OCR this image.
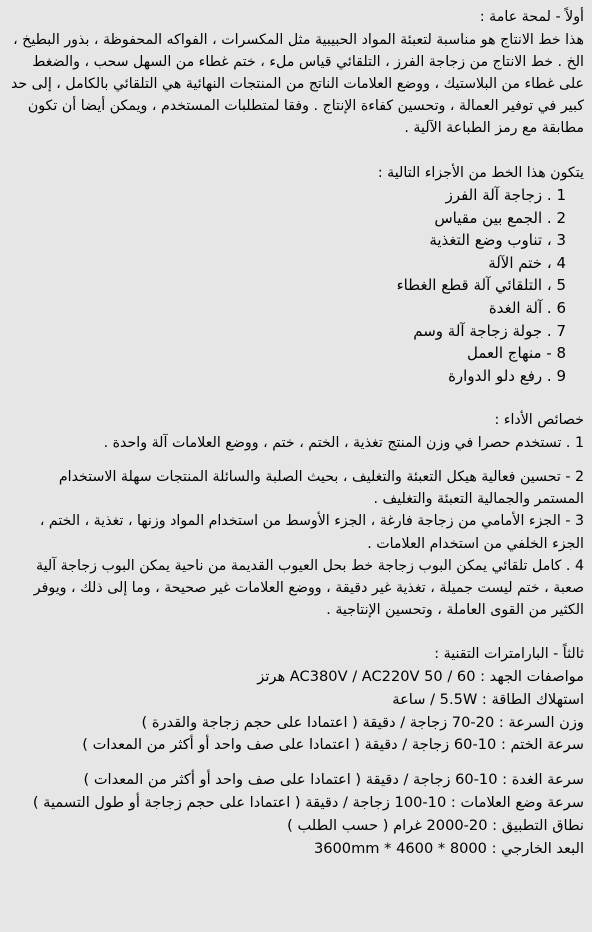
أولاً - لمحة عامة :
هذا خط الانتاج هو مناسبة لتعبئة المواد الحبيبية مثل المكسرات ، الفواكه المحفوظة ، بذور البطيخ ، الخ . خط الانتاج من زجاجة الفرز ، التلقائي قياس ملء ، ختم غطاء من السهل سحب ، والضغط على غطاء من البلاستيك ، ووضع العلامات الناتج من المنتجات النهائية هي التلقائي بالكامل ، إلى حد كبير في توفير العمالة ، وتحسين كفاءة الإنتاج . وفقا لمتطلبات المستخدم ، ويمكن أيضا أن تكون مطابقة مع رمز الطباعة الآلية .
يتكون هذا الخط من الأجزاء التالية :
1 . زجاجة آلة الفرز
2 . الجمع بين مقياس
3 ، تناوب وضع التغذية
4 ، ختم الآلة
5 ، التلقائي آلة قطع الغطاء
6 . آلة الغدة
7 . جولة زجاجة آلة وسم
8 - منهاج العمل
9 . رفع دلو الدوارة
خصائص الأداء :
1 . تستخدم حصرا في وزن المنتج تغذية ، الختم ، ختم ، ووضع العلامات آلة واحدة .
2 - تحسين فعالية هيكل التعبئة والتغليف ، بحيث الصلبة والسائلة المنتجات سهلة الاستخدام المستمر والجمالية التعبئة والتغليف .
3 - الجزء الأمامي من زجاجة فارغة ، الجزء الأوسط من استخدام المواد وزنها ، تغذية ، الختم ، الجزء الخلفي من استخدام العلامات .
4 . كامل تلقائي يمكن البوب زجاجة خط بحل العيوب القديمة من ناحية يمكن البوب زجاجة آلية صعبة ، ختم ليست جميلة ، تغذية غير دقيقة ، ووضع العلامات غير صحيحة ، وما إلى ذلك ، ويوفر الكثير من القوى العاملة ، وتحسين الإنتاجية .
ثالثاً - البارامترات التقنية :
مواصفات الجهد : AC380V / AC220V 50 / 60 هرتز
استهلاك الطاقة : 5.5W / ساعة
وزن السرعة : 20-70 زجاجة / دقيقة ( اعتمادا على حجم زجاجة والقدرة )
سرعة الختم : 10-60 زجاجة / دقيقة ( اعتمادا على صف واحد أو أكثر من المعدات )
سرعة الغدة : 10-60 زجاجة / دقيقة ( اعتمادا على صف واحد أو أكثر من المعدات )
سرعة وضع العلامات : 10-100 زجاجة / دقيقة ( اعتمادا على حجم زجاجة أو طول التسمية )
نطاق التطبيق : 20-2000 غرام ( حسب الطلب )
البعد الخارجي : 8000 * 4600 * 3600mm
